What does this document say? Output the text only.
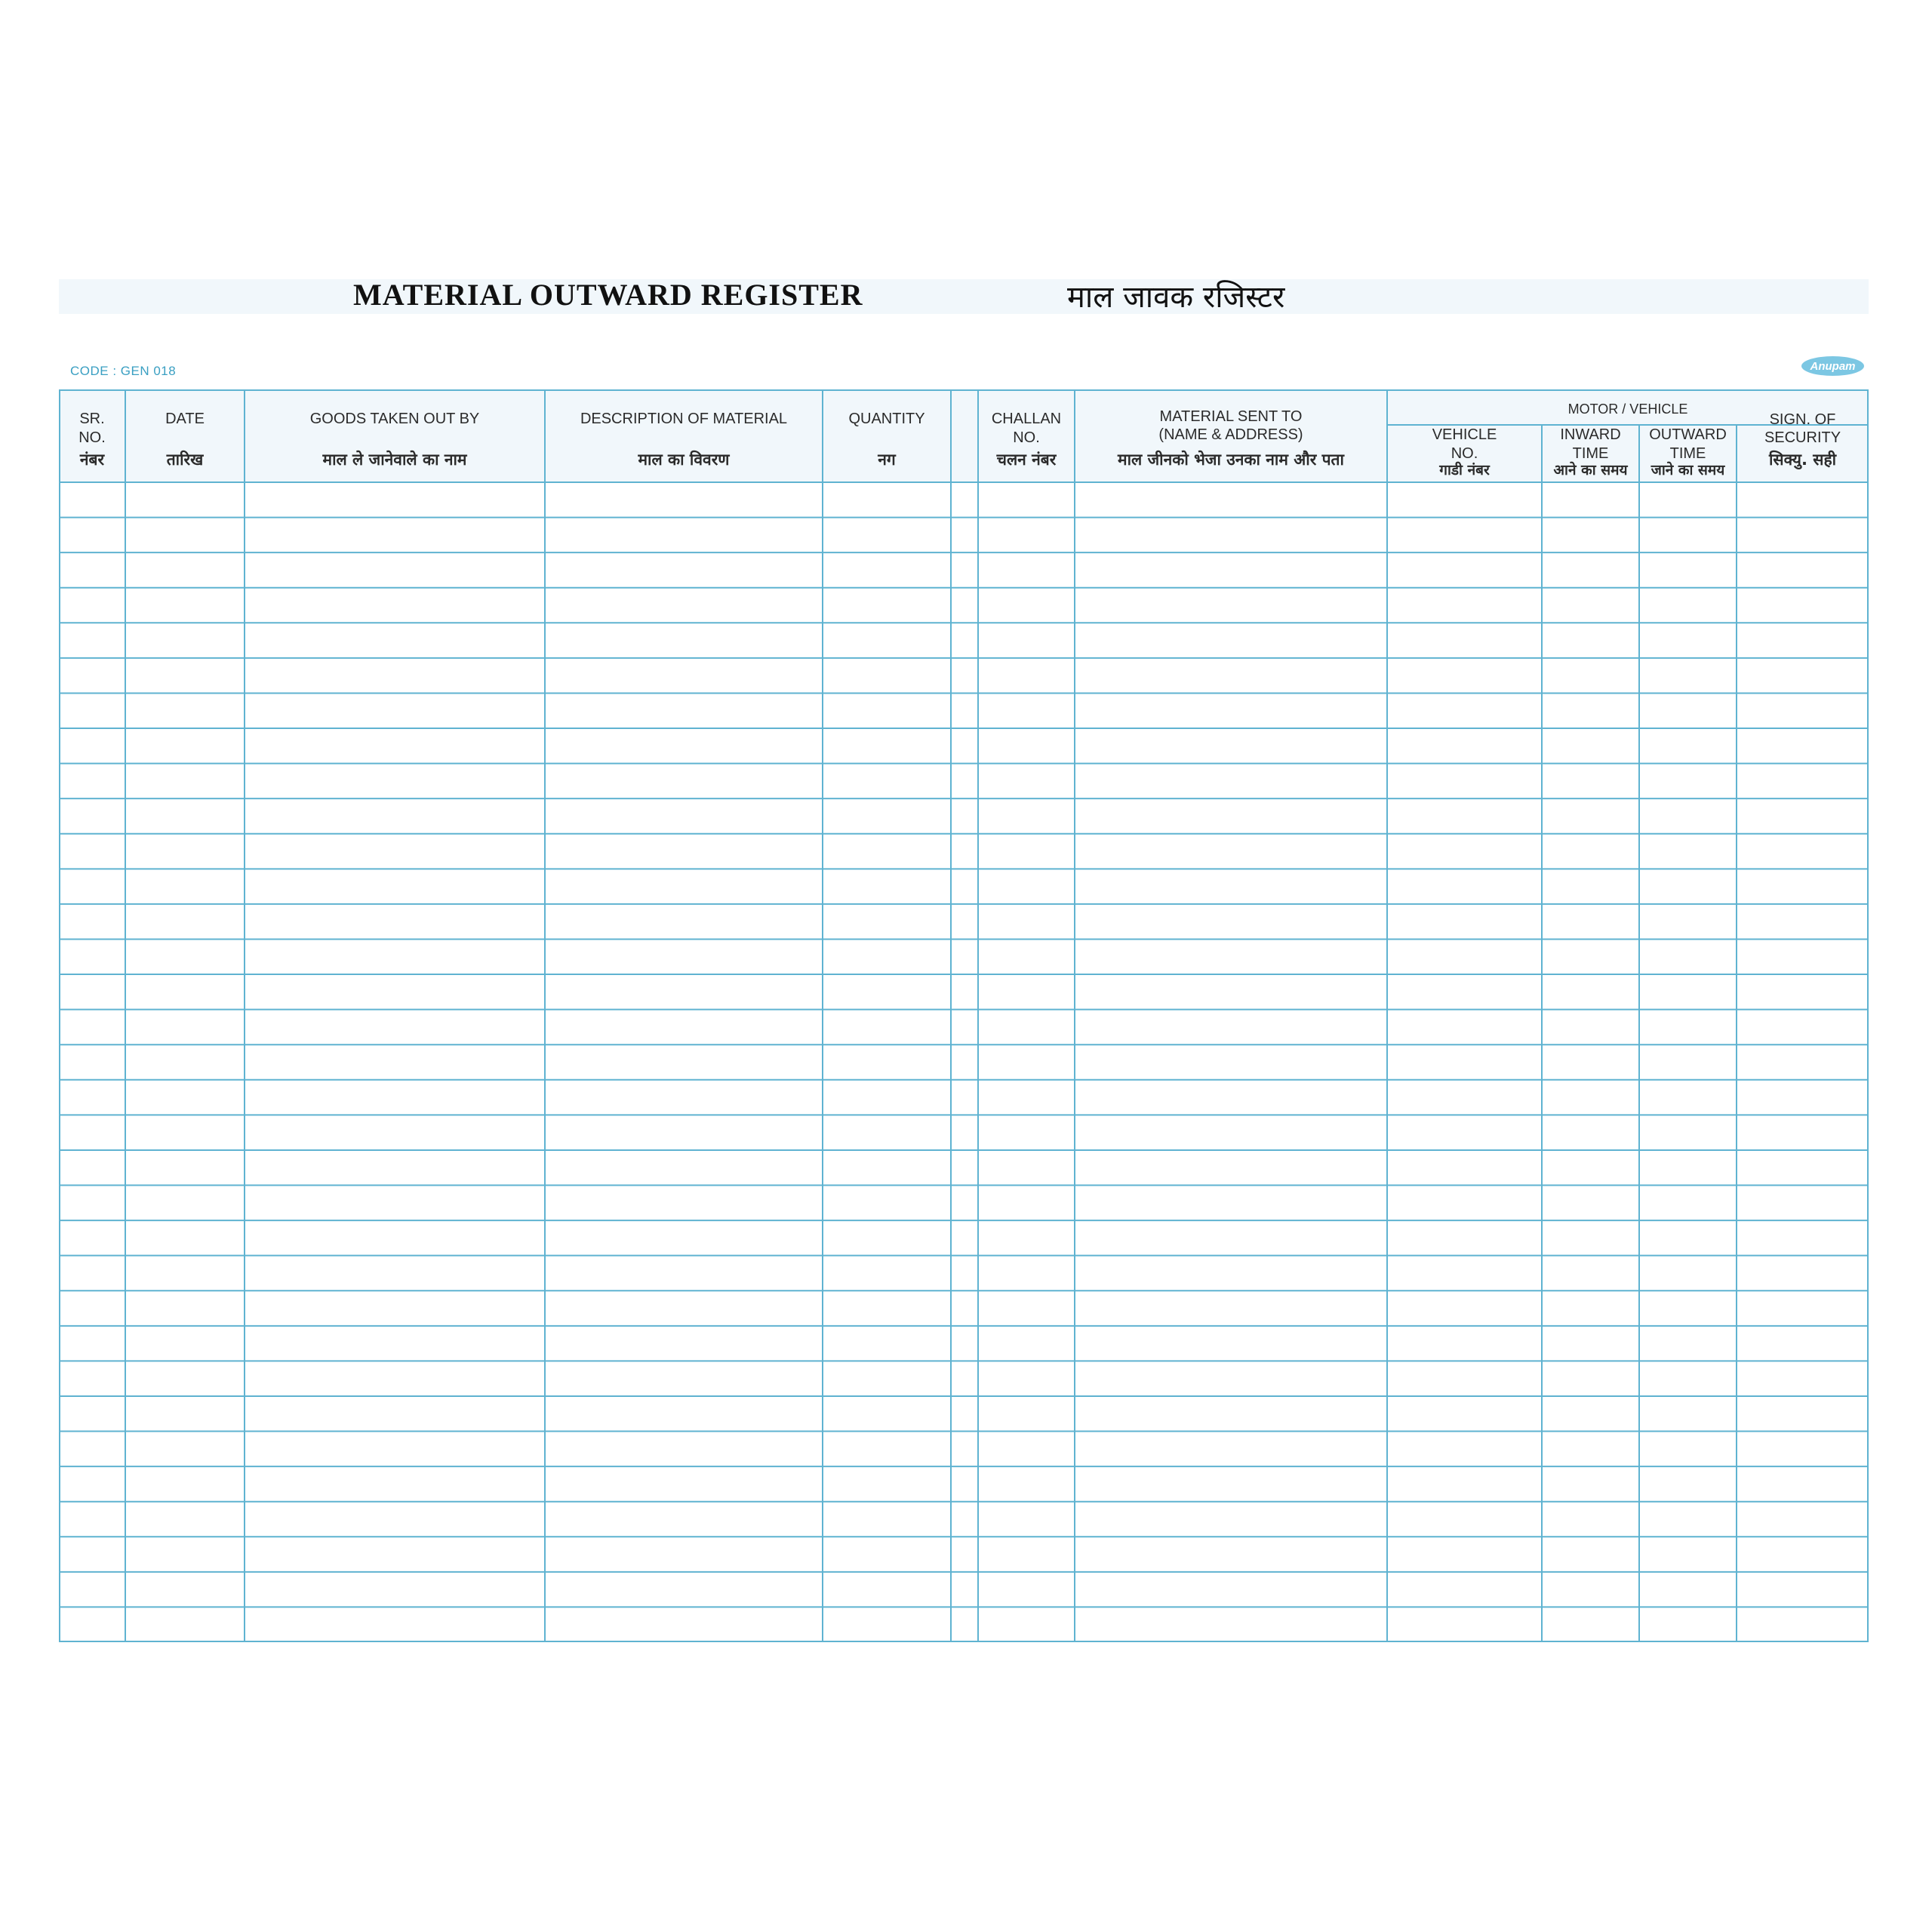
MATERIAL OUTWARD REGISTER	माल जावक रजिस्टर
CODE : GEN 018	Anupam
MOTOR / VEHICLE
SR.
NO.
नंबर
DATE
तारिख
GOODS TAKEN OUT BY
माल ले जानेवाले का नाम
DESCRIPTION OF MATERIAL
माल का विवरण
QUANTITY
नग
CHALLAN
NO.
चलन नंबर
MATERIAL SENT TO
(NAME & ADDRESS)
माल जीनको भेजा उनका नाम और पता
VEHICLE
NO.
गाडी नंबर
INWARD
TIME
आने का समय
OUTWARD
TIME
जाने का समय
SIGN. OF
SECURITY
सिक्यु. सही
